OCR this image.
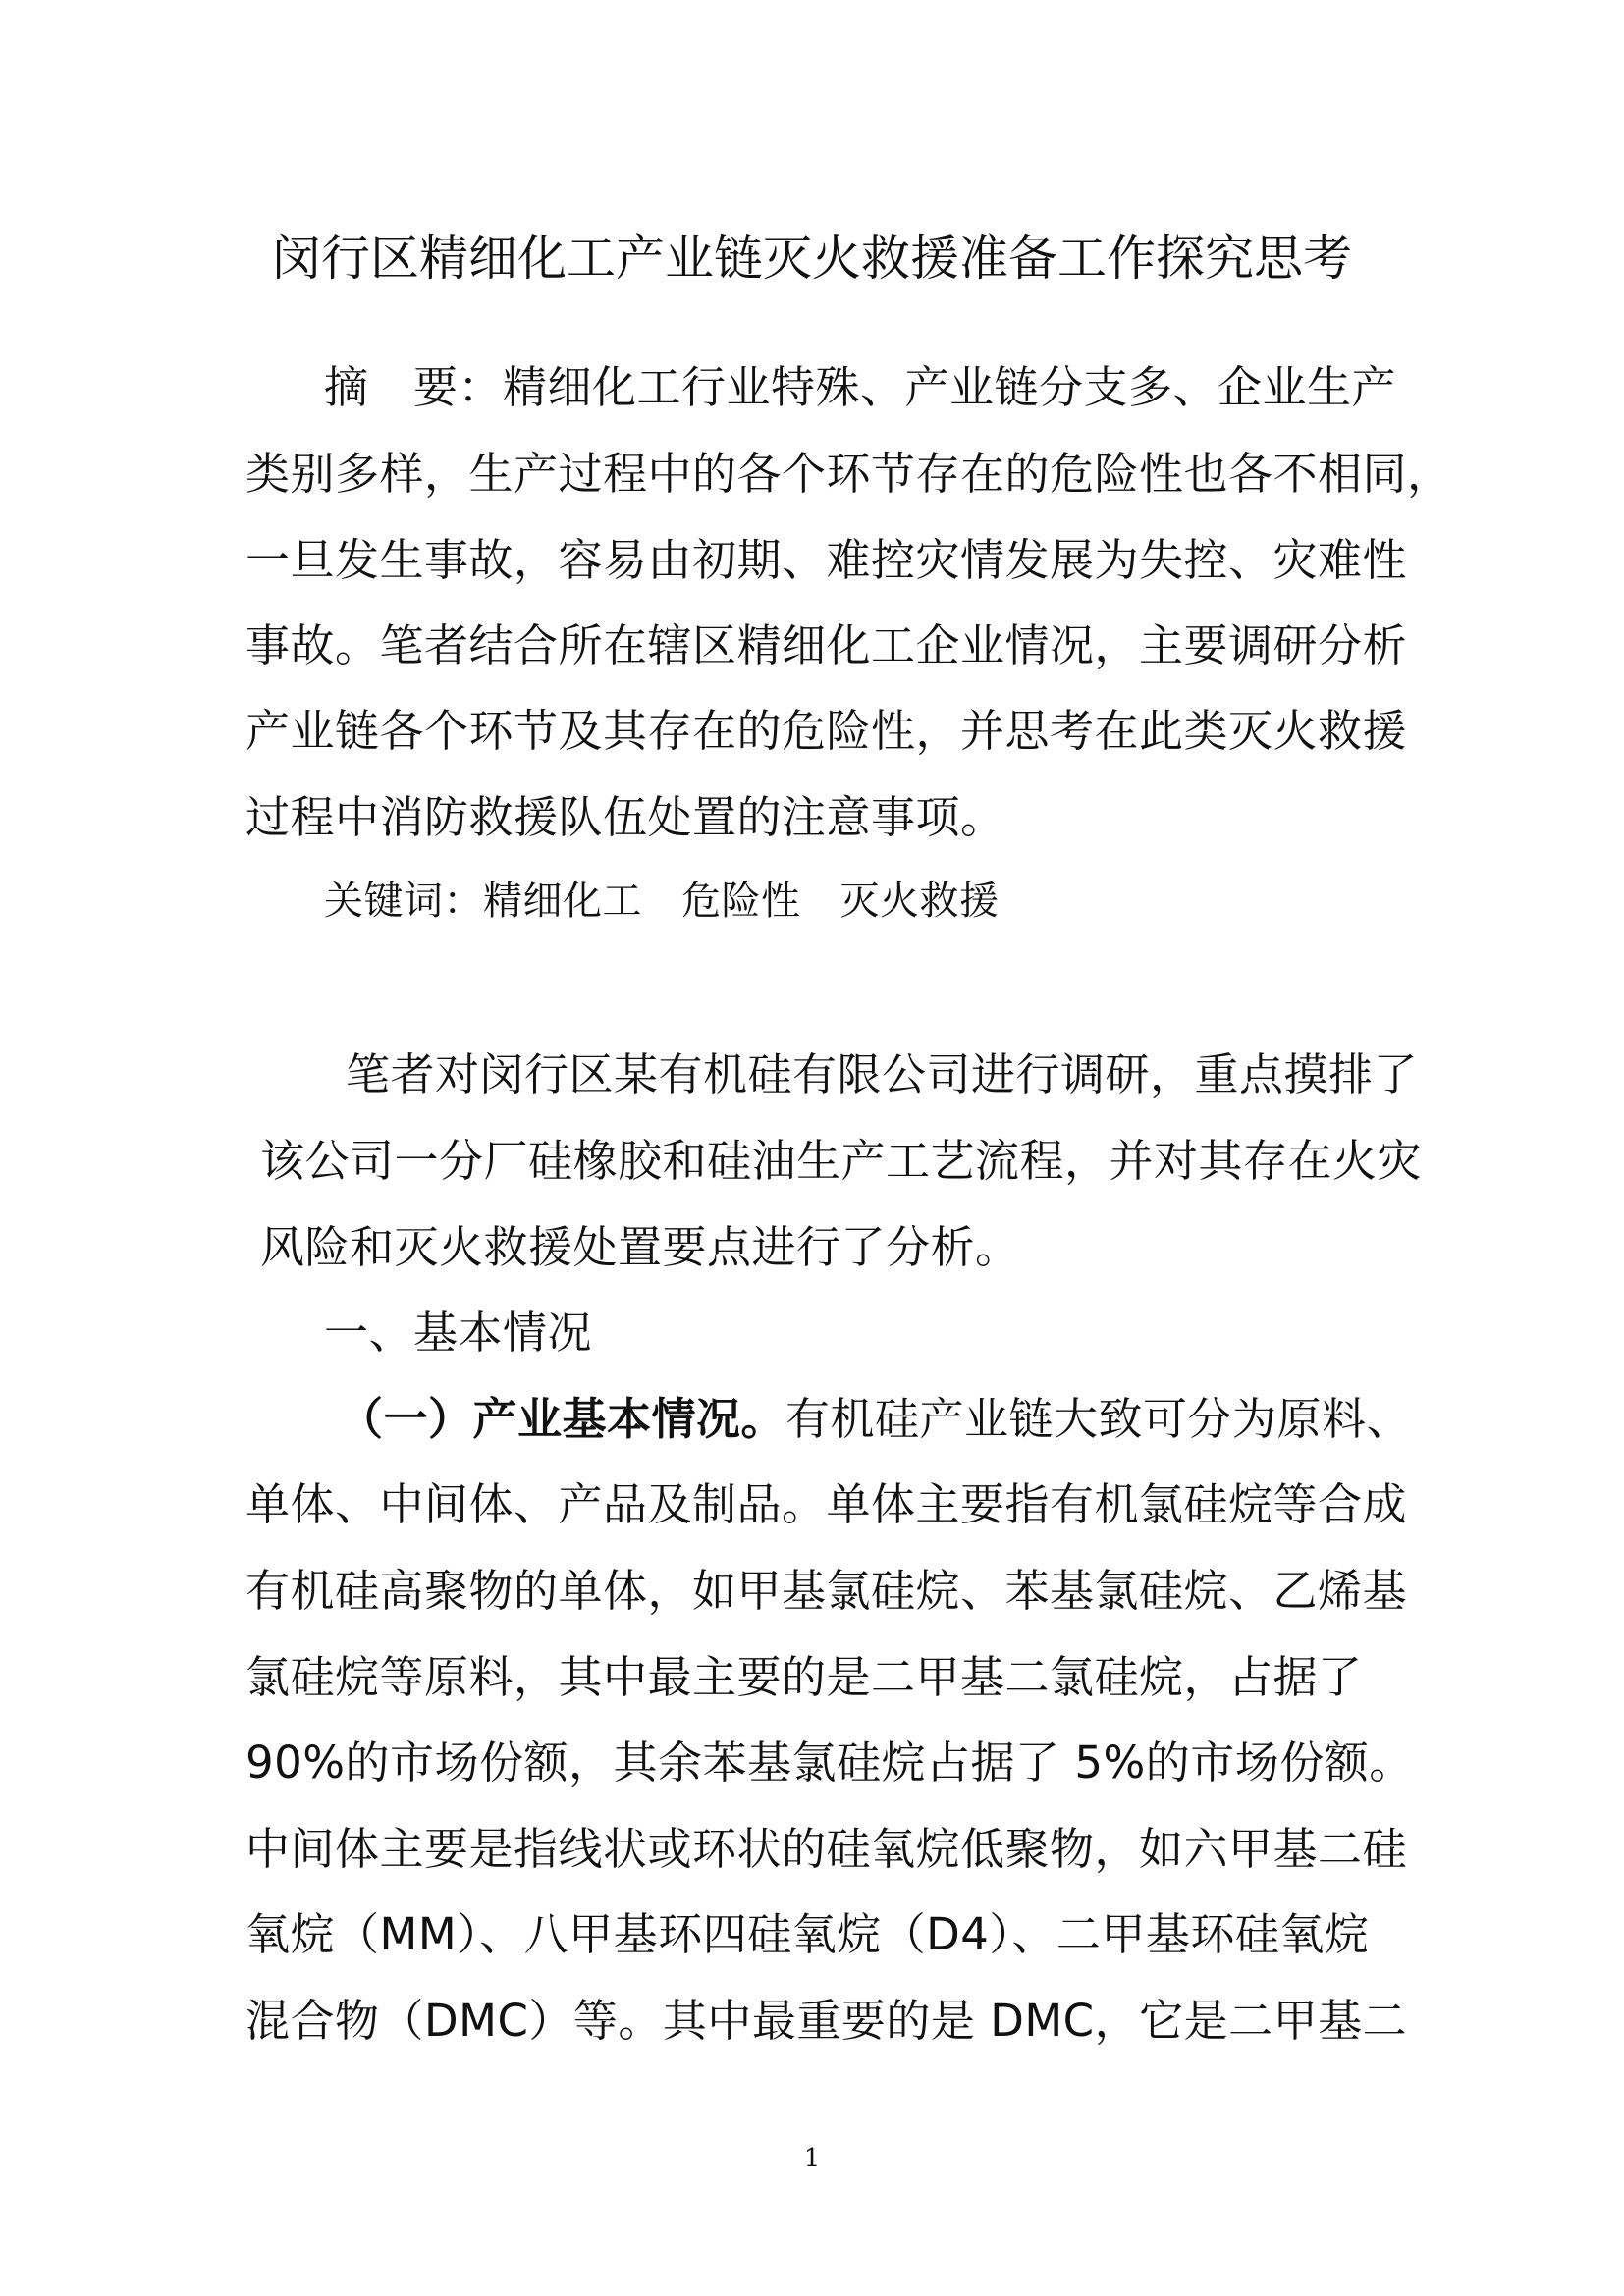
闵行区精细化工产业链灭火救援准备工作探究思考
摘　要：精细化工行业特殊、产业链分支多、企业生产
类别多样，生产过程中的各个环节存在的危险性也各不相同，
一旦发生事故，容易由初期、难控灾情发展为失控、灾难性
事故。笔者结合所在辖区精细化工企业情况，主要调研分析
产业链各个环节及其存在的危险性，并思考在此类灭火救援
过程中消防救援队伍处置的注意事项。
关键词：精细化工 危险性 灭火救援
笔者对闵行区某有机硅有限公司进行调研，重点摸排了
该公司一分厂硅橡胶和硅油生产工艺流程，并对其存在火灾
风险和灭火救援处置要点进行了分析。
一、基本情况
（一）产业基本情况。有机硅产业链大致可分为原料、
单体、中间体、产品及制品。单体主要指有机氯硅烷等合成
有机硅高聚物的单体，如甲基氯硅烷、苯基氯硅烷、乙烯基
氯硅烷等原料，其中最主要的是二甲基二氯硅烷，占据了
90%的市场份额，其余苯基氯硅烷占据了 5%的市场份额。
中间体主要是指线状或环状的硅氧烷低聚物，如六甲基二硅
氧烷（MM）、八甲基环四硅氧烷（D4）、二甲基环硅氧烷
混合物（DMC）等。其中最重要的是 DMC，它是二甲基二
1
